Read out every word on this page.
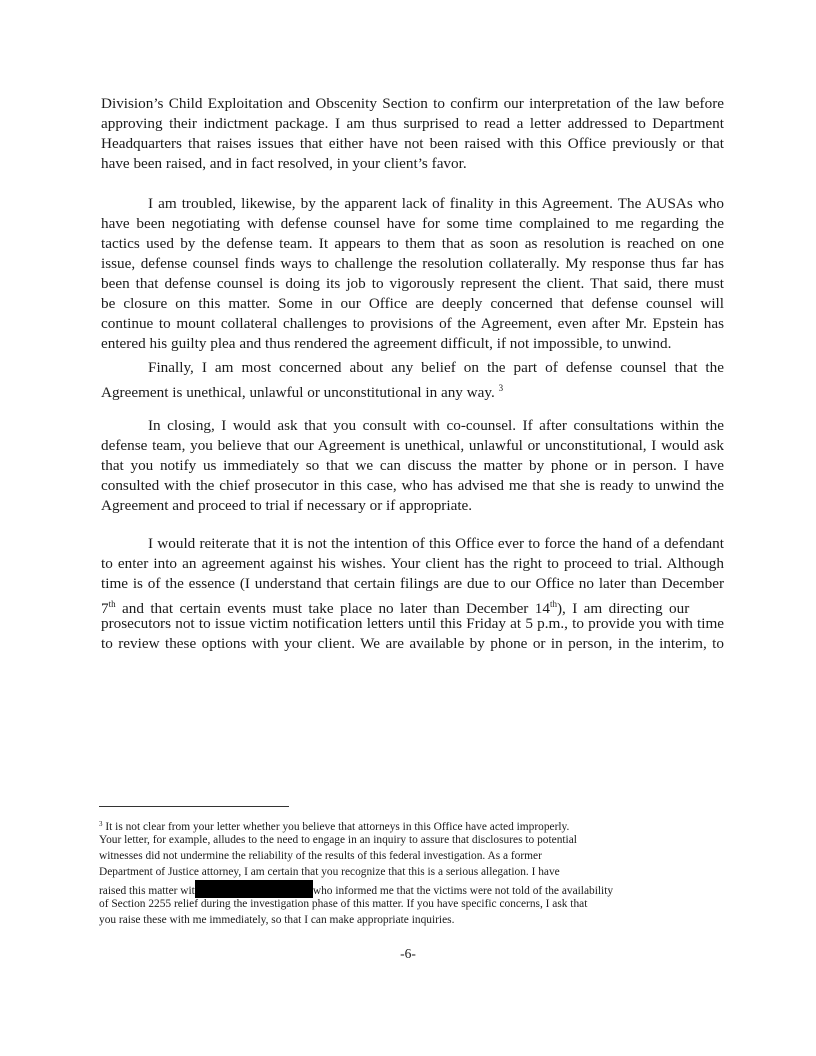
Division’s Child Exploitation and Obscenity Section to confirm our interpretation of the law before
approving their indictment package. I am thus surprised to read a letter addressed to Department
Headquarters that raises issues that either have not been raised with this Office previously or that
have been raised, and in fact resolved, in your client’s favor.
I am troubled, likewise, by the apparent lack of finality in this Agreement. The AUSAs who
have been negotiating with defense counsel have for some time complained to me regarding the
tactics used by the defense team. It appears to them that as soon as resolution is reached on one
issue, defense counsel finds ways to challenge the resolution collaterally. My response thus far has
been that defense counsel is doing its job to vigorously represent the client. That said, there must
be closure on this matter. Some in our Office are deeply concerned that defense counsel will
continue to mount collateral challenges to provisions of the Agreement, even after Mr. Epstein has
entered his guilty plea and thus rendered the agreement difficult, if not impossible, to unwind.
Finally, I am most concerned about any belief on the part of defense counsel that the
Agreement is unethical, unlawful or unconstitutional in any way. $^3$
In closing, I would ask that you consult with co-counsel. If after consultations within the
defense team, you believe that our Agreement is unethical, unlawful or unconstitutional, I would ask
that you notify us immediately so that we can discuss the matter by phone or in person. I have
consulted with the chief prosecutor in this case, who has advised me that she is ready to unwind the
Agreement and proceed to trial if necessary or if appropriate.
I would reiterate that it is not the intention of this Office ever to force the hand of a defendant
to enter into an agreement against his wishes. Your client has the right to proceed to trial. Although
time is of the essence (I understand that certain filings are due to our Office no later than December
7th and that certain events must take place no later than December 14th), I am directing our
prosecutors not to issue victim notification letters until this Friday at 5 p.m., to provide you with time
to review these options with your client. We are available by phone or in person, in the interim, to
$^3$ It is not clear from your letter whether you believe that attorneys in this Office have acted improperly.
Your letter, for example, alludes to the need to engage in an inquiry to assure that disclosures to potential
witnesses did not undermine the reliability of the results of this federal investigation. As a former
Department of Justice attorney, I am certain that you recognize that this is a serious allegation. I have
raised this matter wit	who informed me that the victims were not told of the availability
of Section 2255 relief during the investigation phase of this matter. If you have specific concerns, I ask that
you raise these with me immediately, so that I can make appropriate inquiries.
-6-
